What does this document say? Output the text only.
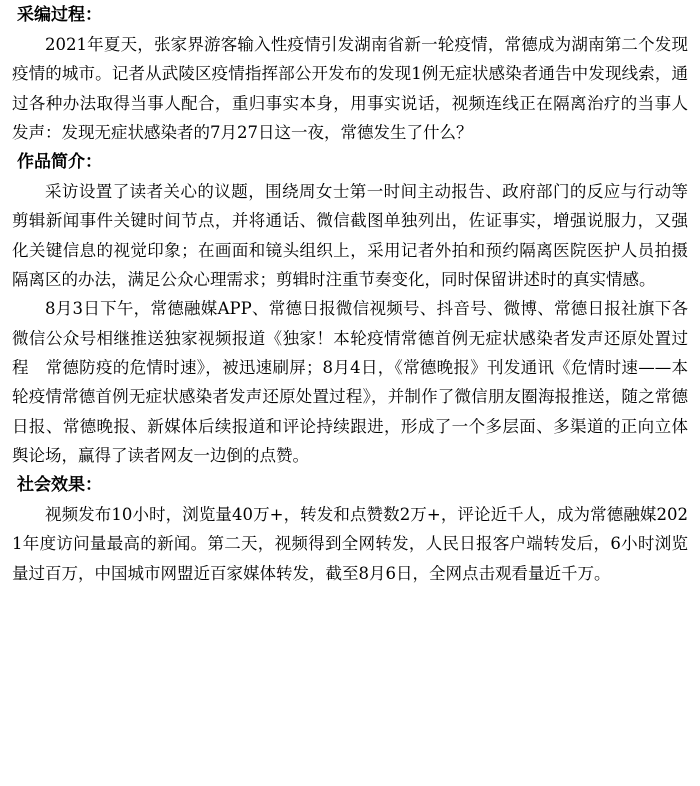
采编过程：

2021年夏天，张家界游客输入性疫情引发湖南省新一轮疫情，常德成为湖南第二个发现疫情的城市。记者从武陵区疫情指挥部公开发布的发现1例无症状感染者通告中发现线索，通过各种办法取得当事人配合，重归事实本身，用事实说话，视频连线正在隔离治疗的当事人发声：发现无症状感染者的7月27日这一夜，常德发生了什么？

作品简介：

采访设置了读者关心的议题，围绕周女士第一时间主动报告、政府部门的反应与行动等剪辑新闻事件关键时间节点，并将通话、微信截图单独列出，佐证事实，增强说服力，又强化关键信息的视觉印象；在画面和镜头组织上，采用记者外拍和预约隔离医院医护人员拍摄隔离区的办法，满足公众心理需求；剪辑时注重节奏变化，同时保留讲述时的真实情感。

8月3日下午，常德融媒APP、常德日报微信视频号、抖音号、微博、常德日报社旗下各微信公众号相继推送独家视频报道《独家！本轮疫情常德首例无症状感染者发声还原处置过程　常德防疫的危情时速》，被迅速刷屏；8月4日，《常德晚报》刊发通讯《危情时速——本轮疫情常德首例无症状感染者发声还原处置过程》，并制作了微信朋友圈海报推送，随之常德日报、常德晚报、新媒体后续报道和评论持续跟进，形成了一个多层面、多渠道的正向立体舆论场，赢得了读者网友一边倒的点赞。

社会效果：

视频发布10小时，浏览量40万+，转发和点赞数2万+，评论近千人，成为常德融媒2021年度访问量最高的新闻。第二天，视频得到全网转发，人民日报客户端转发后，6小时浏览量过百万，中国城市网盟近百家媒体转发，截至8月6日，全网点击观看量近千万。
